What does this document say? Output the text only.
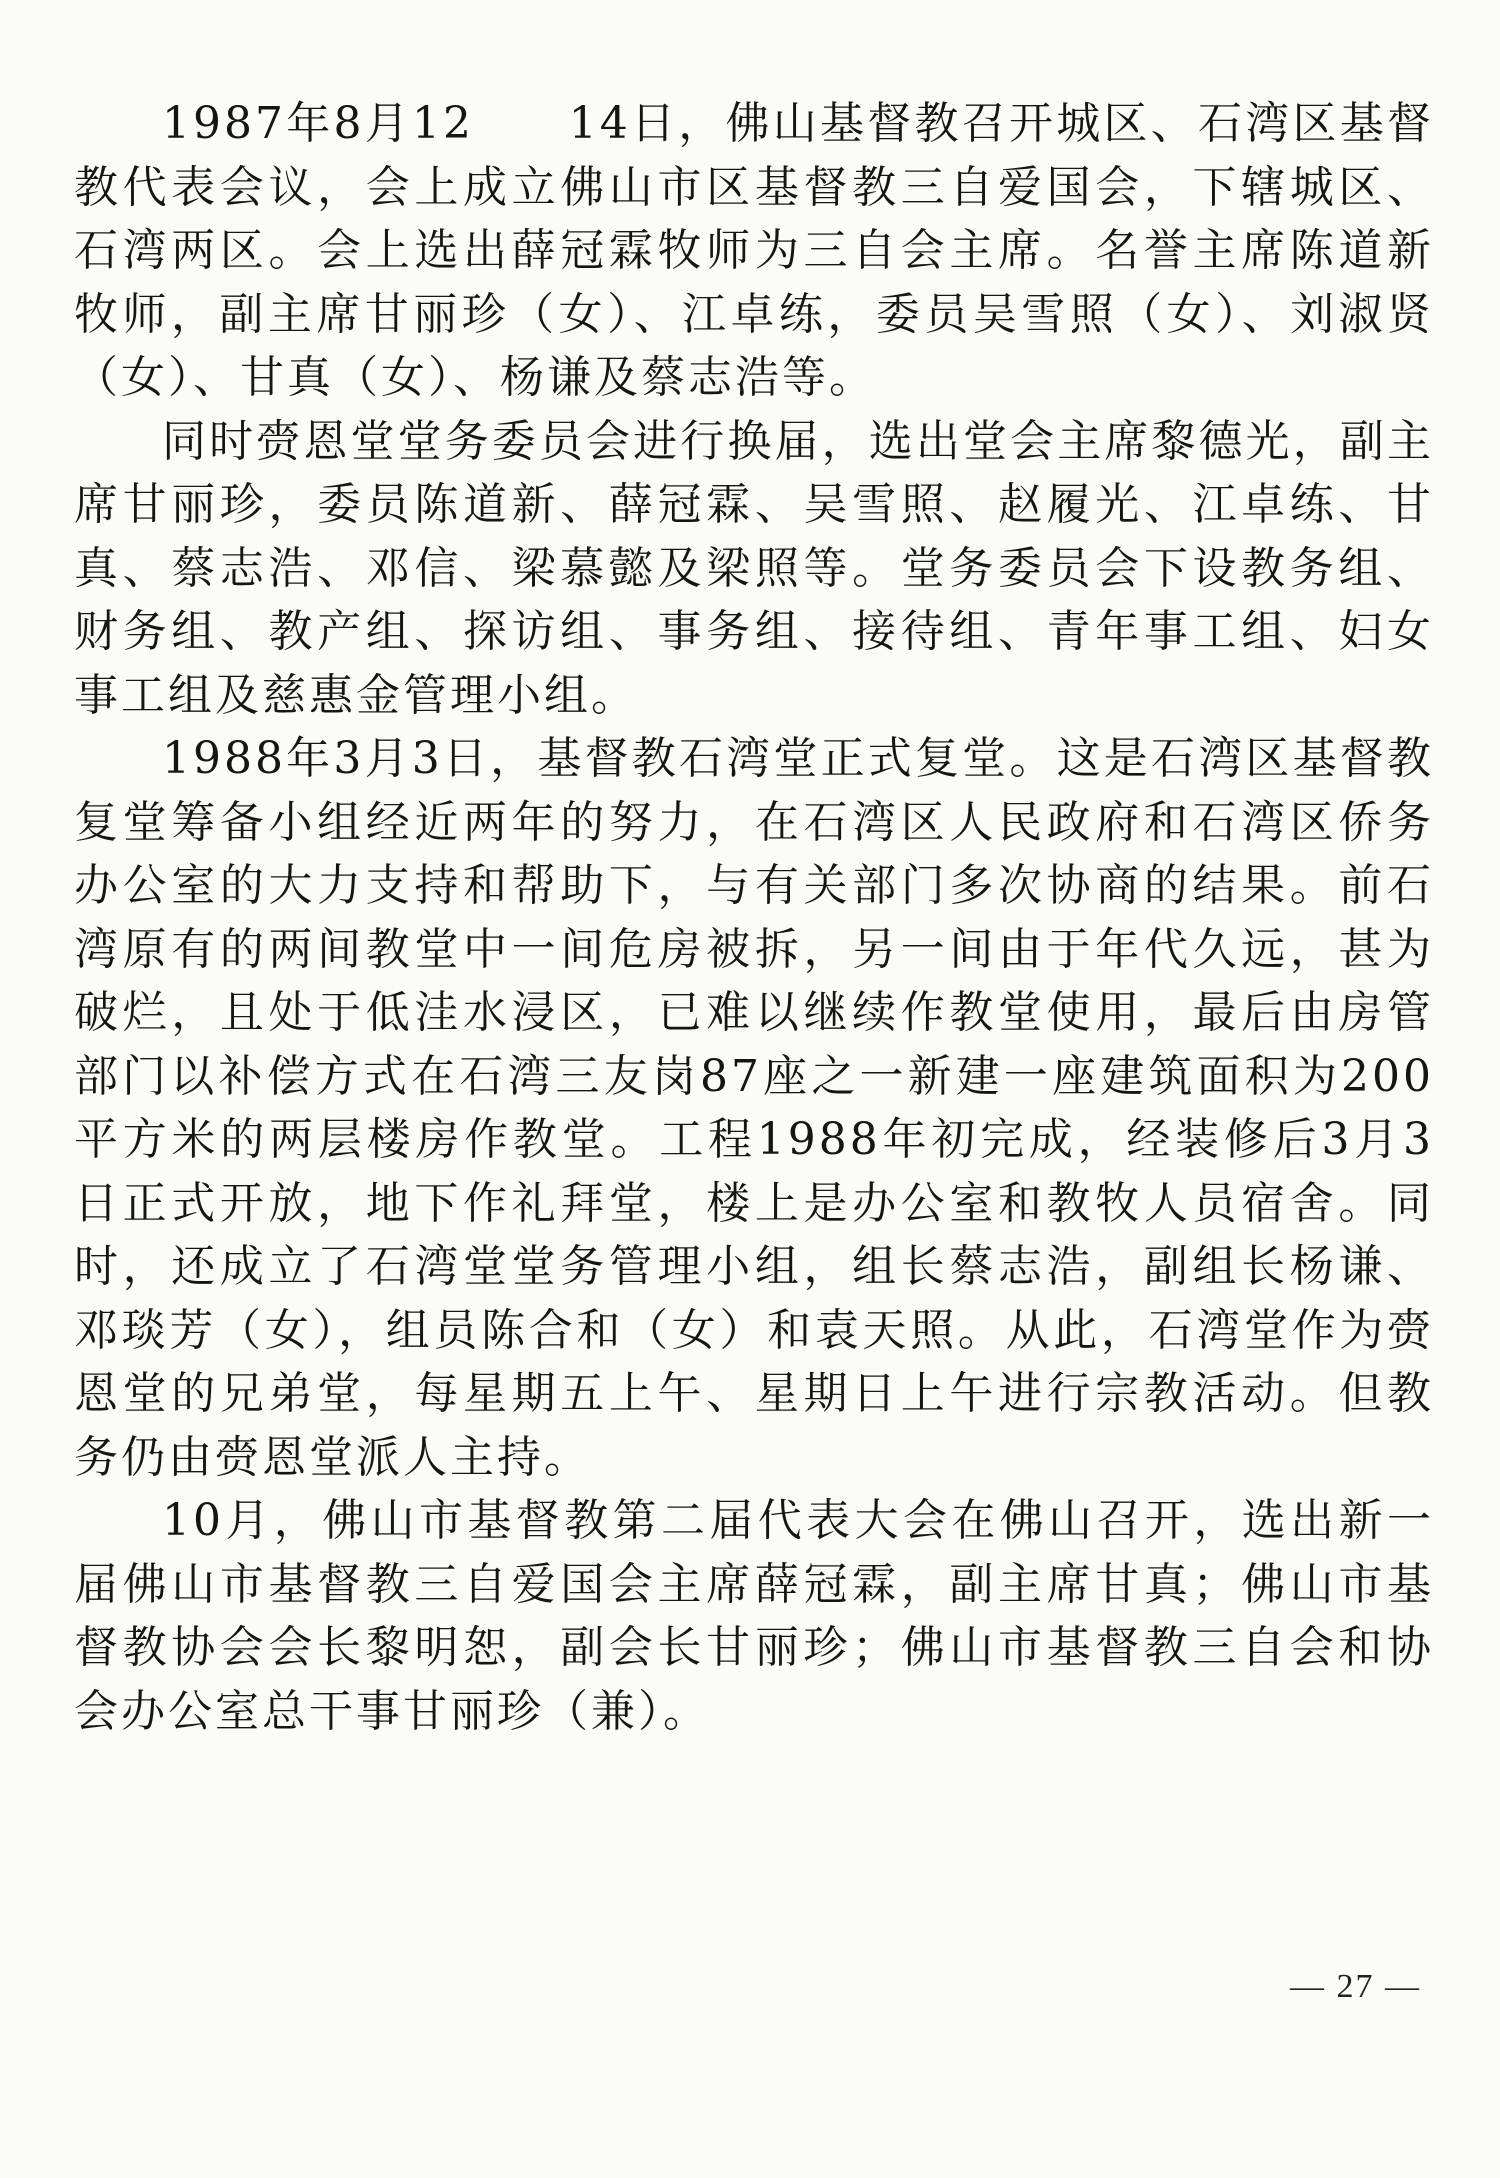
1987年8月12　　14日，佛山基督教召开城区、石湾区基督教代表会议，会上成立佛山市区基督教三自爱国会，下辖城区、石湾两区。会上选出薛冠霖牧师为三自会主席。名誉主席陈道新牧师，副主席甘丽珍（女）、江卓练，委员吴雪照（女）、刘淑贤（女）、甘真（女）、杨谦及蔡志浩等。

同时赍恩堂堂务委员会进行换届，选出堂会主席黎德光，副主席甘丽珍，委员陈道新、薛冠霖、吴雪照、赵履光、江卓练、甘真、蔡志浩、邓信、梁慕懿及梁照等。堂务委员会下设教务组、财务组、教产组、探访组、事务组、接待组、青年事工组、妇女事工组及慈惠金管理小组。

1988年3月3日，基督教石湾堂正式复堂。这是石湾区基督教复堂筹备小组经近两年的努力，在石湾区人民政府和石湾区侨务办公室的大力支持和帮助下，与有关部门多次协商的结果。前石湾原有的两间教堂中一间危房被拆，另一间由于年代久远，甚为破烂，且处于低洼水浸区，已难以继续作教堂使用，最后由房管部门以补偿方式在石湾三友岗87座之一新建一座建筑面积为200平方米的两层楼房作教堂。工程1988年初完成，经装修后3月3日正式开放，地下作礼拜堂，楼上是办公室和教牧人员宿舍。同时，还成立了石湾堂堂务管理小组，组长蔡志浩，副组长杨谦、邓琰芳（女），组员陈合和（女）和袁天照。从此，石湾堂作为赍恩堂的兄弟堂，每星期五上午、星期日上午进行宗教活动。但教务仍由赍恩堂派人主持。

10月，佛山市基督教第二届代表大会在佛山召开，选出新一届佛山市基督教三自爱国会主席薛冠霖，副主席甘真；佛山市基督教协会会长黎明恕，副会长甘丽珍；佛山市基督教三自会和协会办公室总干事甘丽珍（兼）。

— 27 —
